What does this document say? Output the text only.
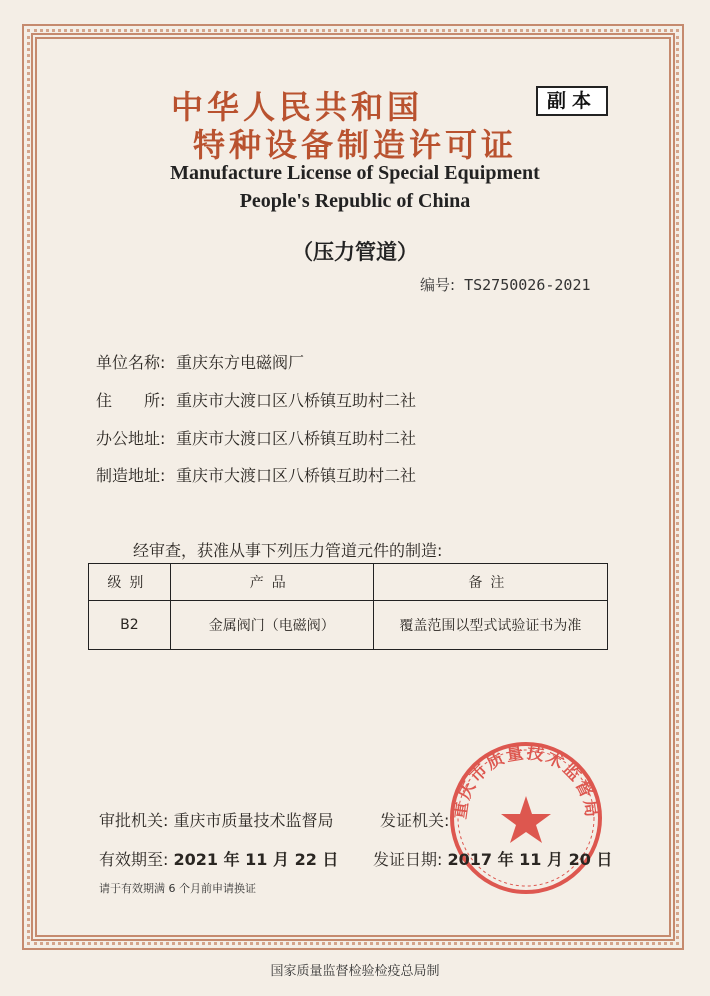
中华人民共和国	副本
特种设备制造许可证
Manufacture License of Special Equipment
People's Republic of China
（压力管道）
编号: TS2750026-2021
单位名称: 重庆东方电磁阀厂
住　　所: 重庆市大渡口区八桥镇互助村二社
办公地址: 重庆市大渡口区八桥镇互助村二社
制造地址: 重庆市大渡口区八桥镇互助村二社
经审查，获准从事下列压力管道元件的制造:
级别	产品	备注
B2	金属阀门（电磁阀）	覆盖范围以型式试验证书为准
重庆市质量技术监督局
审批机关: 重庆市质量技术监督局	发证机关:
有效期至: 2021 年 11 月 22 日 发证日期: 2017 年 11 月 20 日
请于有效期满 6 个月前申请换证
国家质量监督检验检疫总局制
